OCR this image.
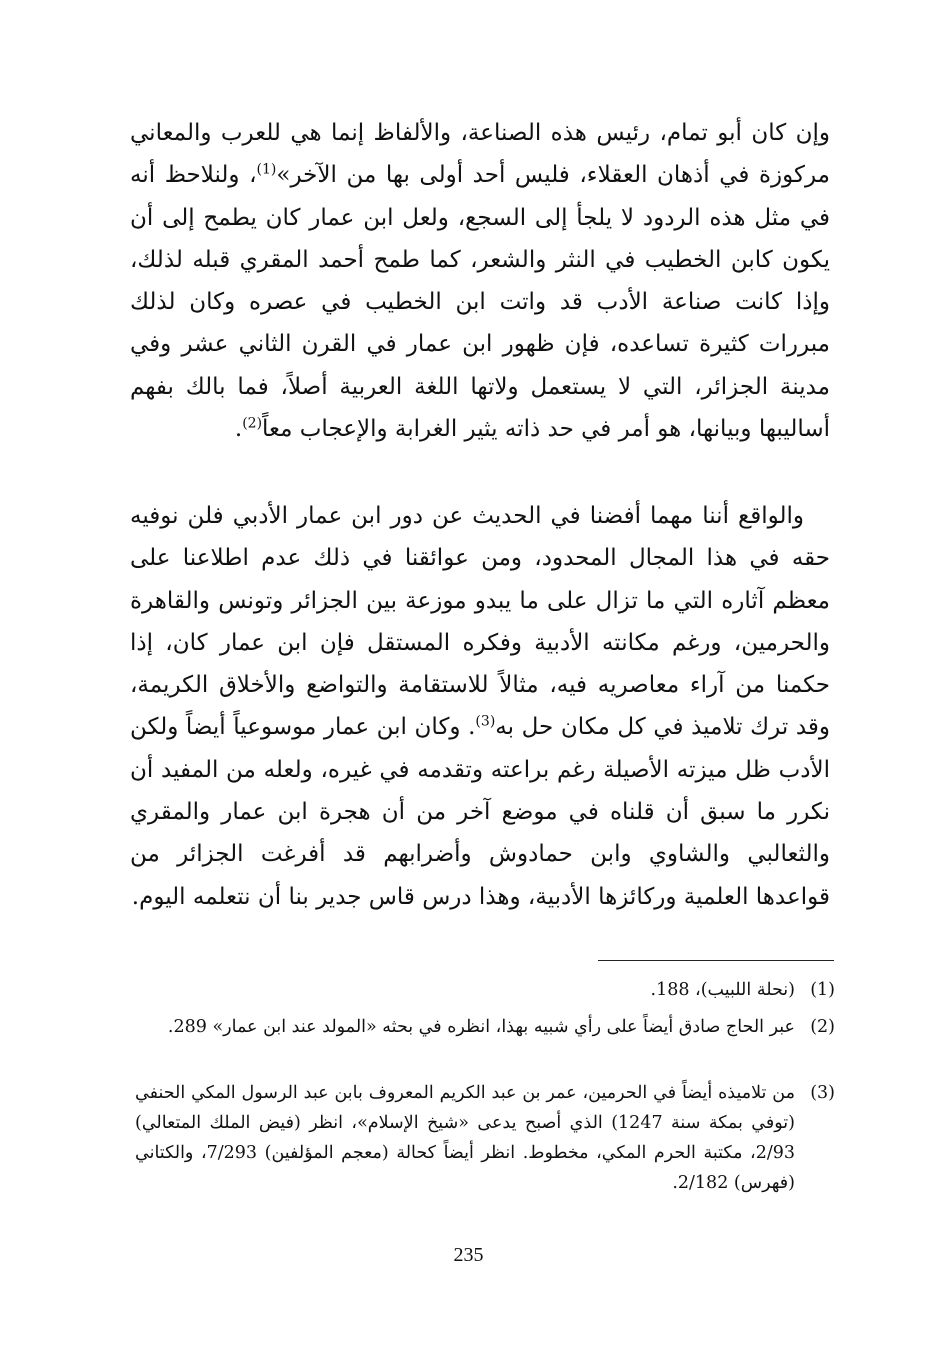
وإن كان أبو تمام، رئيس هذه الصناعة، والألفاظ إنما هي للعرب والمعاني مركوزة في أذهان العقلاء، فليس أحد أولى بها من الآخر»$^{(1)}$، ولنلاحظ أنه في مثل هذه الردود لا يلجأ إلى السجع، ولعل ابن عمار كان يطمح إلى أن يكون كابن الخطيب في النثر والشعر، كما طمح أحمد المقري قبله لذلك، وإذا كانت صناعة الأدب قد واتت ابن الخطيب في عصره وكان لذلك مبررات كثيرة تساعده، فإن ظهور ابن عمار في القرن الثاني عشر وفي مدينة الجزائر، التي لا يستعمل ولاتها اللغة العربية أصلاً، فما بالك بفهم أساليبها وبيانها، هو أمر في حد ذاته يثير الغرابة والإعجاب معاً$^{(2)}$.

والواقع أننا مهما أفضنا في الحديث عن دور ابن عمار الأدبي فلن نوفيه حقه في هذا المجال المحدود، ومن عوائقنا في ذلك عدم اطلاعنا على معظم آثاره التي ما تزال على ما يبدو موزعة بين الجزائر وتونس والقاهرة والحرمين، ورغم مكانته الأدبية وفكره المستقل فإن ابن عمار كان، إذا حكمنا من آراء معاصريه فيه، مثالاً للاستقامة والتواضع والأخلاق الكريمة، وقد ترك تلاميذ في كل مكان حل به$^{(3)}$. وكان ابن عمار موسوعياً أيضاً ولكن الأدب ظل ميزته الأصيلة رغم براعته وتقدمه في غيره، ولعله من المفيد أن نكرر ما سبق أن قلناه في موضع آخر من أن هجرة ابن عمار والمقري والثعالبي والشاوي وابن حمادوش وأضرابهم قد أفرغت الجزائر من قواعدها العلمية وركائزها الأدبية، وهذا درس قاس جدير بنا أن نتعلمه اليوم.

(1)
(نحلة اللبيب)، 188.
(2)
عبر الحاج صادق أيضاً على رأي شبيه بهذا، انظره في بحثه «المولد عند ابن عمار» 289.
(3)
من تلاميذه أيضاً في الحرمين، عمر بن عبد الكريم المعروف بابن عبد الرسول المكي الحنفي (توفي بمكة سنة 1247) الذي أصبح يدعى «شيخ الإسلام»، انظر (فيض الملك المتعالي) 2/93، مكتبة الحرم المكي، مخطوط. انظر أيضاً كحالة (معجم المؤلفين) 7/293، والكتاني (فهرس) 2/182.
235
